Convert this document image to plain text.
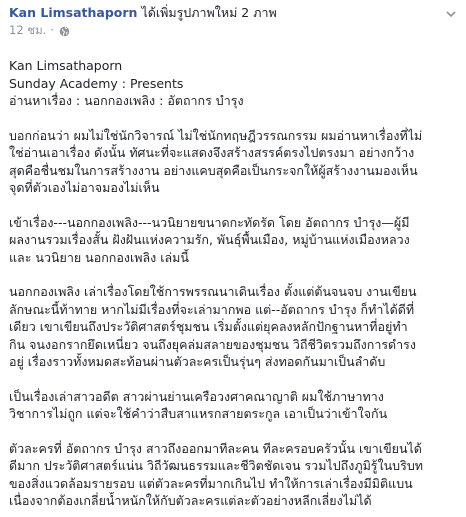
Kan Limsathaporn ได้เพิ่มรูปภาพใหม่ 2 ภาพ
12 ชม. ·

Kan Limsathaporn
Sunday Academy : Presents
อ่านหาเรื่อง : นอกกองเพลิง : อัตถากร บำรุง

บอกก่อนว่า ผมไม่ใช่นักวิจารณ์ ไม่ใช่นักทฤษฎีวรรณกรรม ผมอ่านหาเรื่องที่ไม่
ใช่อ่านเอาเรื่อง ดังนั้น ทัศนะที่จะแสดงจึงสร้างสรรค์ตรงไปตรงมา อย่างกว้าง
สุดคือชื่นชมในการสร้างงาน อย่างแคบสุดคือเป็นกระจกให้ผู้สร้างงานมองเห็น
จุดที่ตัวเองไม่อาจมองไม่เห็น

เข้าเรื่อง---นอกกองเพลิง---นวนิยายขนาดกะทัดรัด โดย อัตถากร บำรุง—ผู้มี
ผลงานรวมเรื่องสั้น ฝังฝันแห่งความรัก, พันธุ์พื้นเมือง, หมู่บ้านแห่งเมืองหลวง
และ นวนิยาย นอกกองเพลิง เล่มนี้

นอกกองเพลิง เล่าเรื่องโดยใช้การพรรณนาเดินเรื่อง ตั้งแต่ต้นจนจบ งานเขียน
ลักษณะนี้ท้าทาย หากไม่มีเรื่องที่จะเล่ามากพอ แต่--อัตถากร บำรุง ก็ทำได้ดีที่
เดียว เขาเขียนถึงประวัติศาสตร์ชุมชน เริ่มตั้งแต่ยุคลงหลักปักฐานหาที่อยู่ทำ
กิน จนงอกรากยึดเหนี่ยว จนถึงยุคล่มสลายของชุมชน วิถีชีวิตรวมถึงการดำรง
อยู่ เรื่องราวทั้งหมดสะท้อนผ่านตัวละครเป็นรุ่นๆ ส่งทอดกันมาเป็นลำดับ

เป็นเรื่องเล่าสาวอดีต สาวผ่านย่านเครือวงศาคณาญาติ ผมใช้ภาษาทาง
วิชาการไม่ถูก แต่จะใช้คำว่าสืบสาแหรกสายตระกูล เอาเป็นว่าเข้าใจกัน

ตัวละครที่ อัตถากร บำรุง สาวถึงออกมาทีละคน ทีละครอบครัวนั้น เขาเขียนได้
ดีมาก ประวัติศาสตร์แน่น วิถีวัฒนธรรมและชีวิตชัดเจน รวมไปถึงภูมิรู้ในบริบท
ของสิ่งแวดล้อมรายรอบ แต่ตัวละครที่มากเกินไป ทำให้การเล่าเรื่องมีมิติแบน
เนื่องจากต้องเกลี่ยน้ำหนักให้กับตัวละครแต่ละตัวอย่างหลีกเลี่ยงไม่ได้
